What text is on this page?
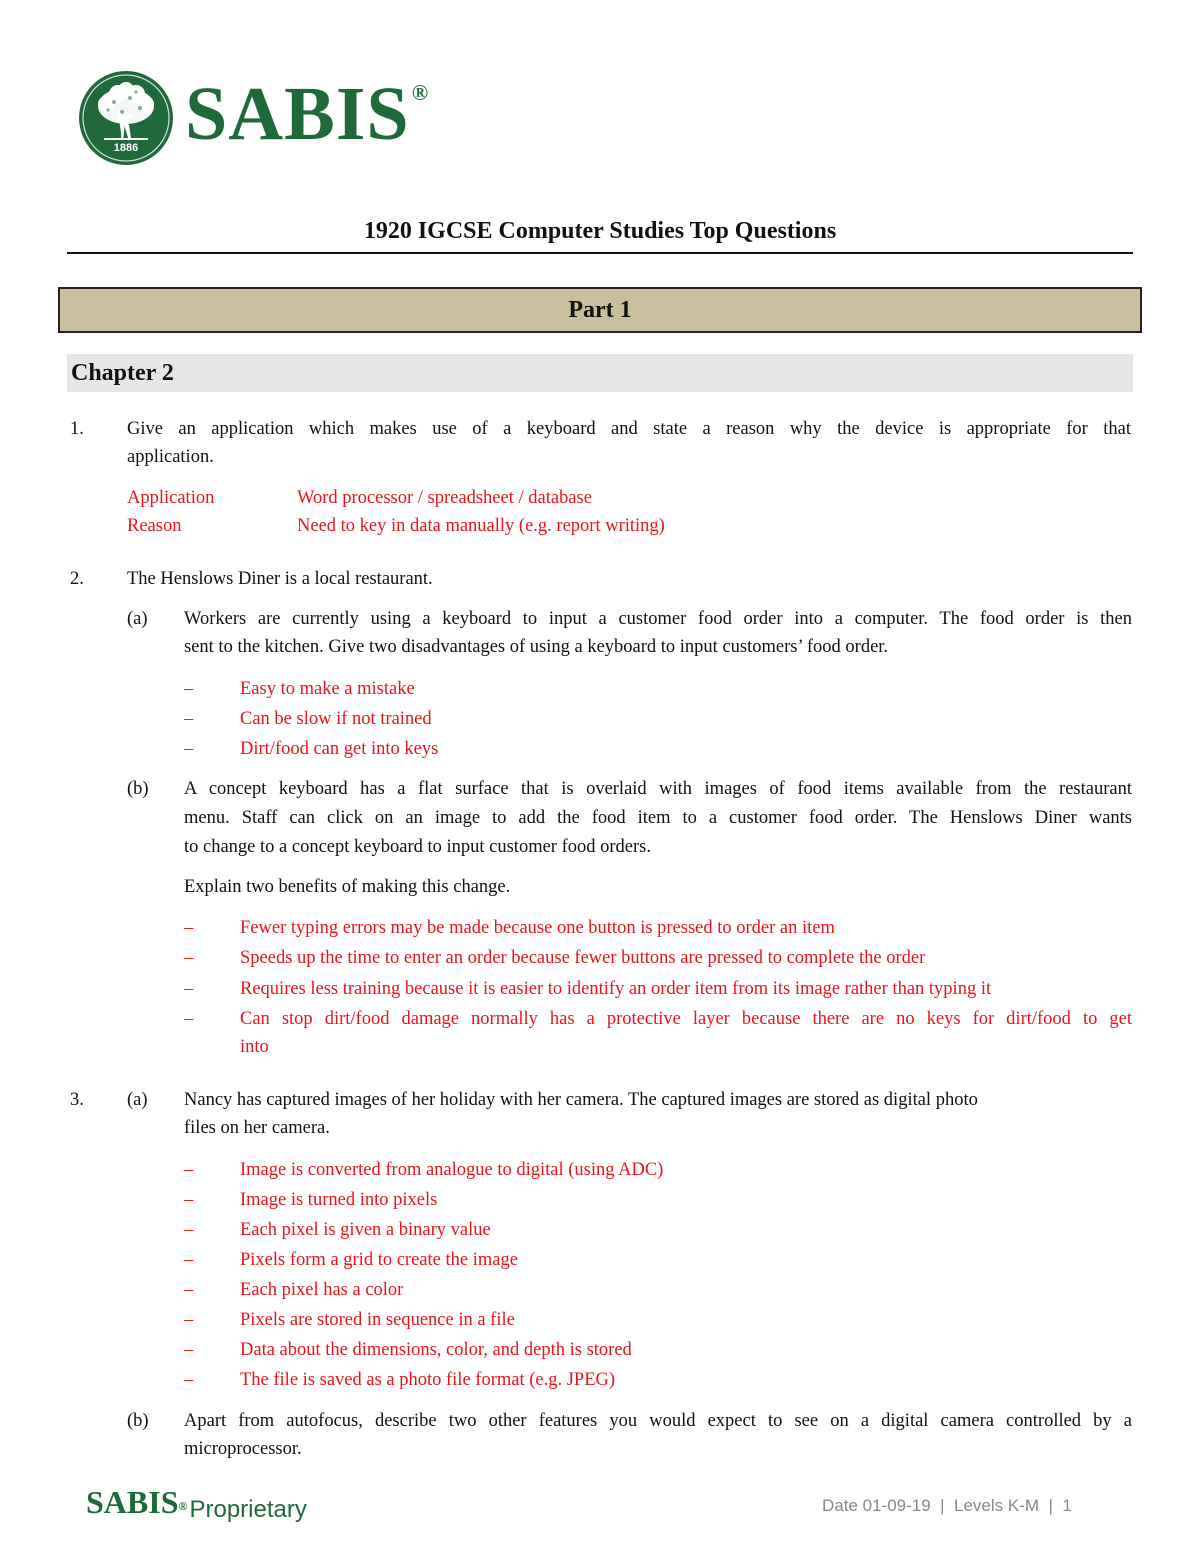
1886 SABIS®
1920 IGCSE Computer Studies Top Questions
Part 1
Chapter 2
1. Give an application which makes use of a keyboard and state a reason why the device is appropriate for that
application.
Application	Word processor / spreadsheet / database
Reason	Need to key in data manually (e.g. report writing)
2. The Henslows Diner is a local restaurant.
(a) Workers are currently using a keyboard to input a customer food order into a computer. The food order is then
sent to the kitchen. Give two disadvantages of using a keyboard to input customers’ food order.
–	Easy to make a mistake
–	Can be slow if not trained
–	Dirt/food can get into keys
(b) A concept keyboard has a flat surface that is overlaid with images of food items available from the restaurant
menu. Staff can click on an image to add the food item to a customer food order. The Henslows Diner wants
to change to a concept keyboard to input customer food orders.
Explain two benefits of making this change.
–	Fewer typing errors may be made because one button is pressed to order an item
–	Speeds up the time to enter an order because fewer buttons are pressed to complete the order
–	Requires less training because it is easier to identify an order item from its image rather than typing it
–	Can stop dirt/food damage normally has a protective layer because there are no keys for dirt/food to get
into
3. (a) Nancy has captured images of her holiday with her camera. The captured images are stored as digital photo
files on her camera.
–	Image is converted from analogue to digital (using ADC)
–	Image is turned into pixels
–	Each pixel is given a binary value
–	Pixels form a grid to create the image
–	Each pixel has a color
–	Pixels are stored in sequence in a file
–	Data about the dimensions, color, and depth is stored
–	The file is saved as a photo file format (e.g. JPEG)
(b) Apart from autofocus, describe two other features you would expect to see on a digital camera controlled by a
microprocessor.
SABIS®Proprietary	Date 01-09-19  |  Levels K-M  |  1
